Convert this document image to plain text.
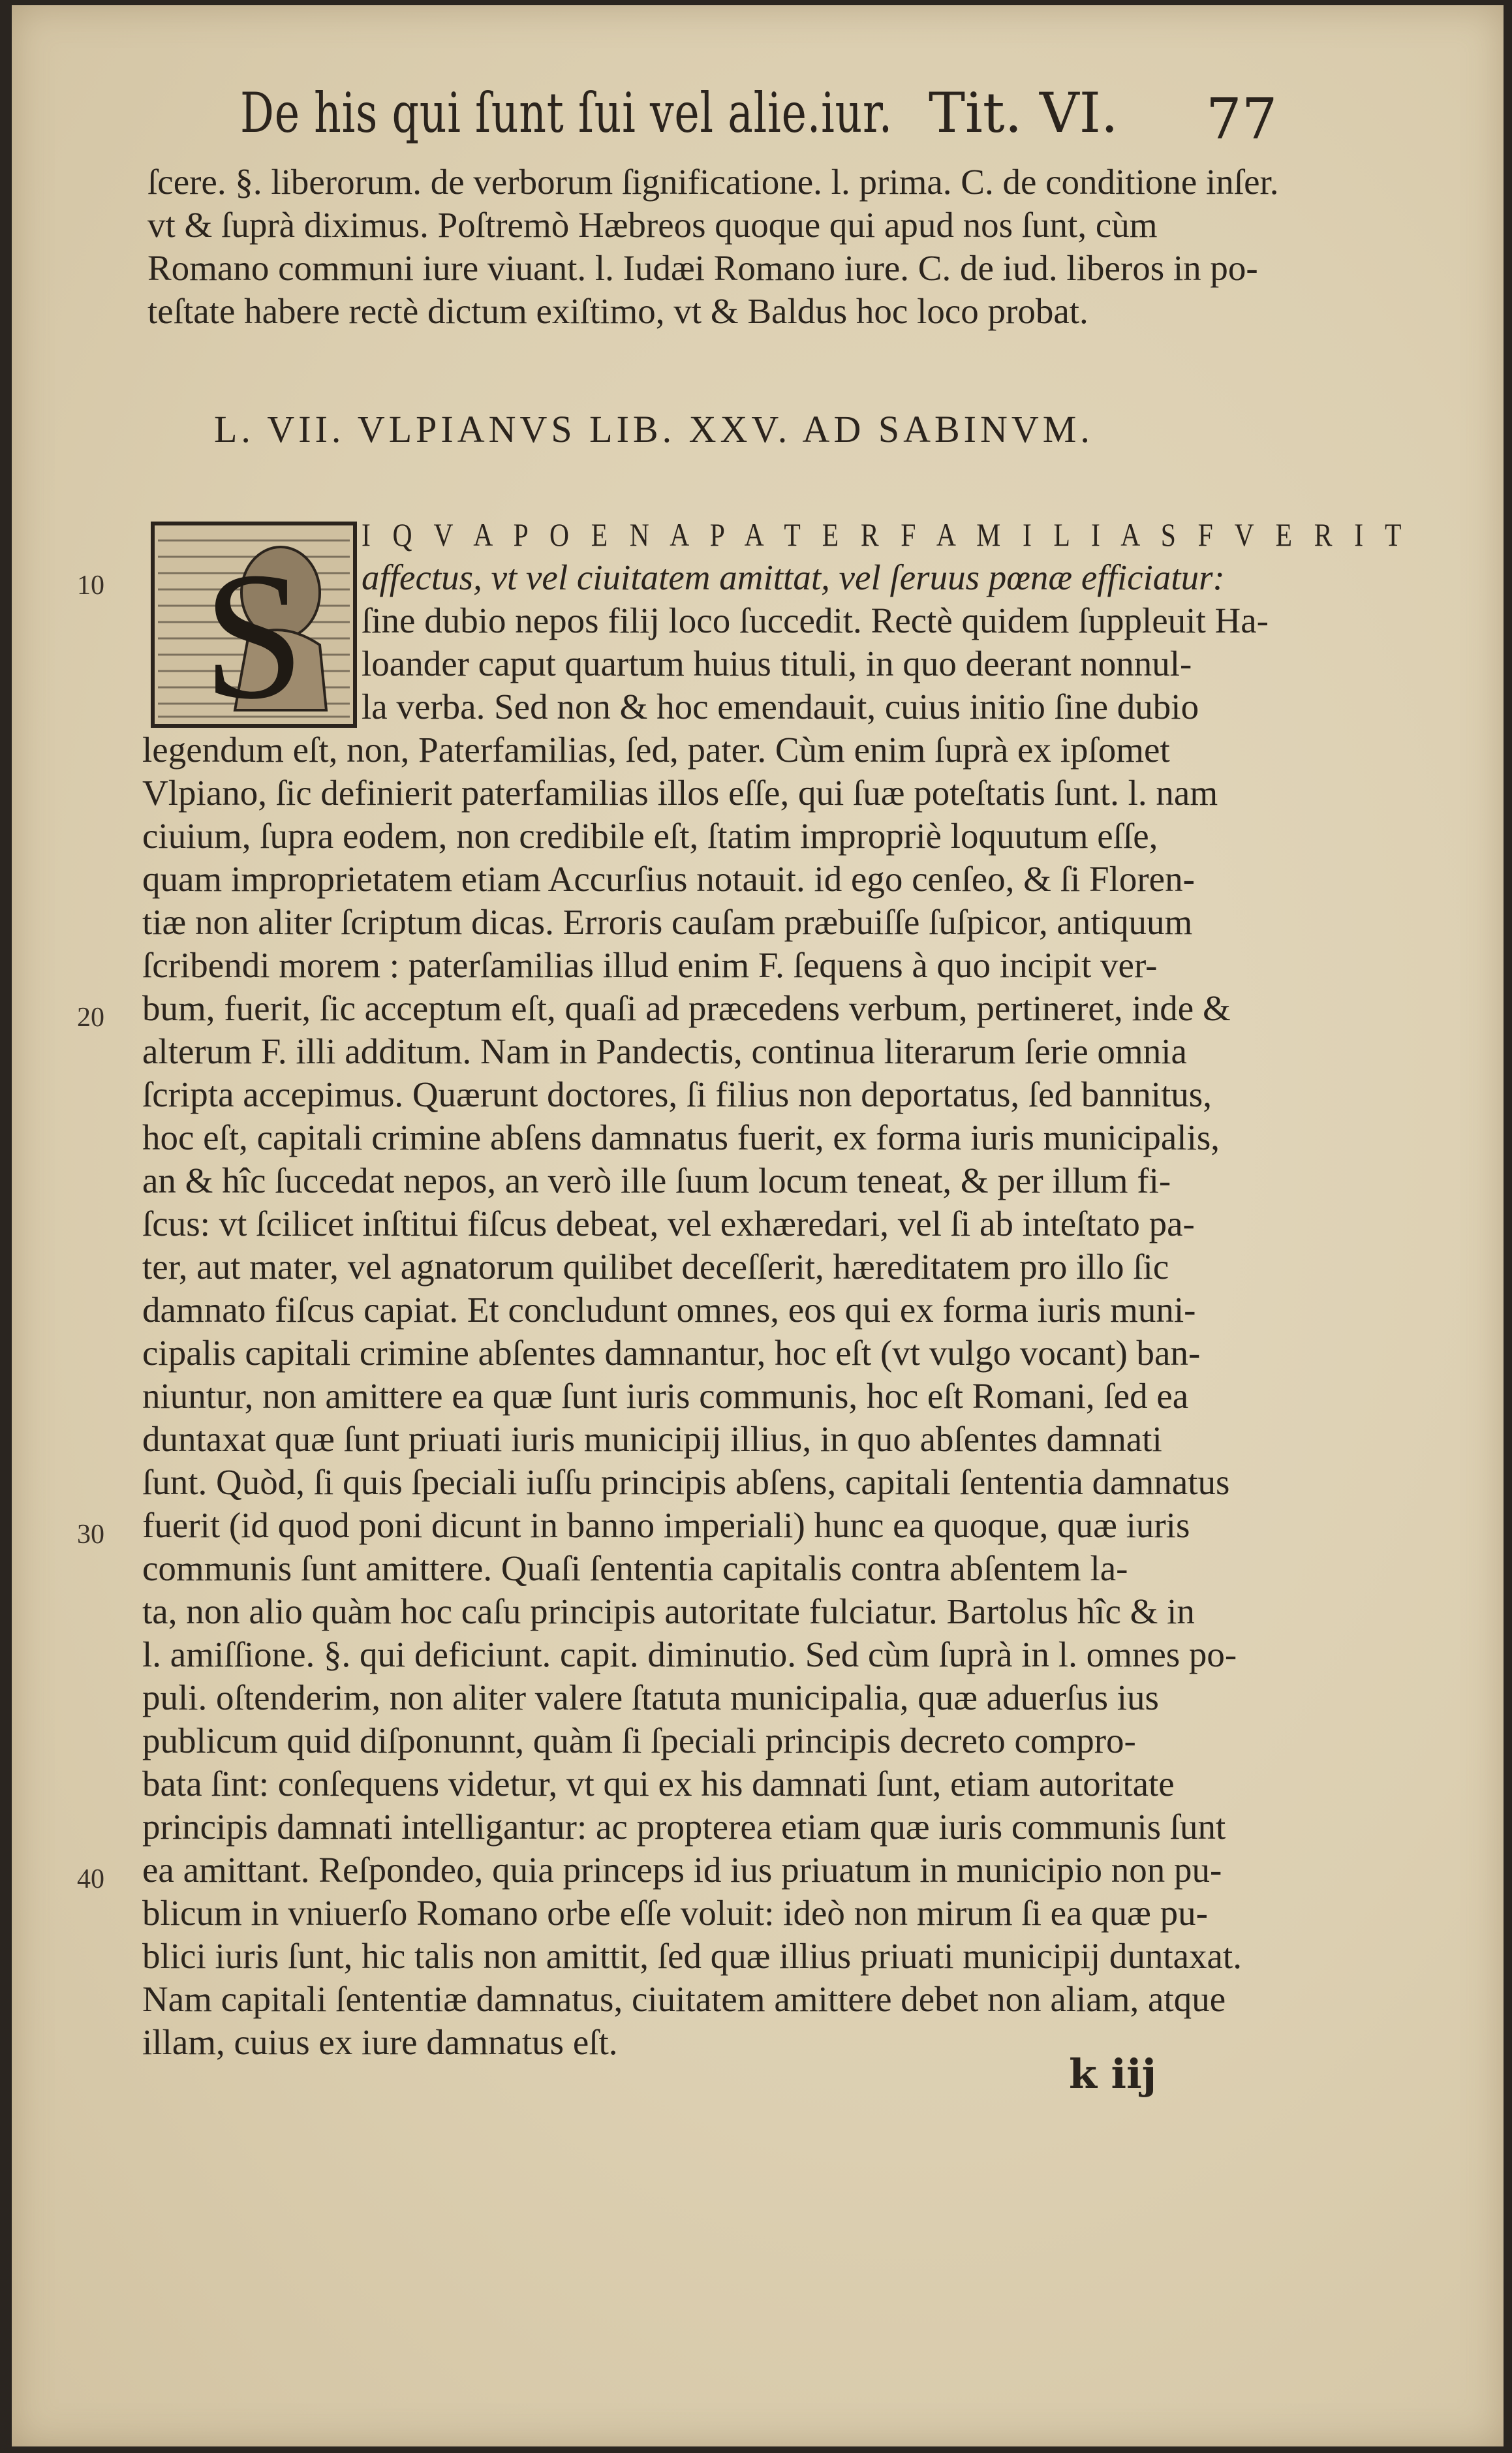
De his qui ſunt ſui vel alie.iur. Tit. VI. 77
ſcere. §. liberorum. de verborum ſignificatione. l. prima. C. de conditione inſer.
vt & ſuprà diximus. Poſtremò Hæbreos quoque qui apud nos ſunt, cùm
Romano communi iure viuant. l. Iudæi Romano iure. C. de iud. liberos in po-
teſtate habere rectè dictum exiſtimo, vt & Baldus hoc loco probat.
L. VII. VLPIANVS LIB. XXV. AD SABINVM.
S I Q V A P O E N A P A T E R F A M I L I A S F V E R I T
affectus, vt vel ciuitatem amittat, vel ſeruus pœnæ efficiatur:
ſine dubio nepos filij loco ſuccedit. Rectè quidem ſuppleuit Ha-
loander caput quartum huius tituli, in quo deerant nonnul-
la verba. Sed non & hoc emendauit, cuius initio ſine dubio
legendum eſt, non, Paterfamilias, ſed, pater. Cùm enim ſuprà ex ipſomet
Vlpiano, ſic definierit paterfamilias illos eſſe, qui ſuæ poteſtatis ſunt. l. nam
ciuium, ſupra eodem, non credibile eſt, ſtatim impropriè loquutum eſſe,
quam improprietatem etiam Accurſius notauit. id ego cenſeo, & ſi Floren-
tiæ non aliter ſcriptum dicas. Erroris cauſam præbuiſſe ſuſpicor, antiquum
ſcribendi morem : paterſamilias illud enim F. ſequens à quo incipit ver-
bum, fuerit, ſic acceptum eſt, quaſi ad præcedens verbum, pertineret, inde &
alterum F. illi additum. Nam in Pandectis, continua literarum ſerie omnia
ſcripta accepimus. Quærunt doctores, ſi filius non deportatus, ſed bannitus,
hoc eſt, capitali crimine abſens damnatus fuerit, ex forma iuris municipalis,
an & hîc ſuccedat nepos, an verò ille ſuum locum teneat, & per illum fi-
ſcus: vt ſcilicet inſtitui fiſcus debeat, vel exhæredari, vel ſi ab inteſtato pa-
ter, aut mater, vel agnatorum quilibet deceſſerit, hæreditatem pro illo ſic
damnato fiſcus capiat. Et concludunt omnes, eos qui ex forma iuris muni-
cipalis capitali crimine abſentes damnantur, hoc eſt (vt vulgo vocant) ban-
niuntur, non amittere ea quæ ſunt iuris communis, hoc eſt Romani, ſed ea
duntaxat quæ ſunt priuati iuris municipij illius, in quo abſentes damnati
ſunt. Quòd, ſi quis ſpeciali iuſſu principis abſens, capitali ſententia damnatus
fuerit (id quod poni dicunt in banno imperiali) hunc ea quoque, quæ iuris
communis ſunt amittere. Quaſi ſententia capitalis contra abſentem la-
ta, non alio quàm hoc caſu principis autoritate fulciatur. Bartolus hîc & in
l. amiſſione. §. qui deficiunt. capit. diminutio. Sed cùm ſuprà in l. omnes po-
puli. oſtenderim, non aliter valere ſtatuta municipalia, quæ aduerſus ius
publicum quid diſponunnt, quàm ſi ſpeciali principis decreto compro-
bata ſint: conſequens videtur, vt qui ex his damnati ſunt, etiam autoritate
principis damnati intelligantur: ac propterea etiam quæ iuris communis ſunt
ea amittant. Reſpondeo, quia princeps id ius priuatum in municipio non pu-
blicum in vniuerſo Romano orbe eſſe voluit: ideò non mirum ſi ea quæ pu-
blici iuris ſunt, hic talis non amittit, ſed quæ illius priuati municipij duntaxat.
Nam capitali ſententiæ damnatus, ciuitatem amittere debet non aliam, atque
illam, cuius ex iure damnatus eſt.
10
20
30
40
k iij
